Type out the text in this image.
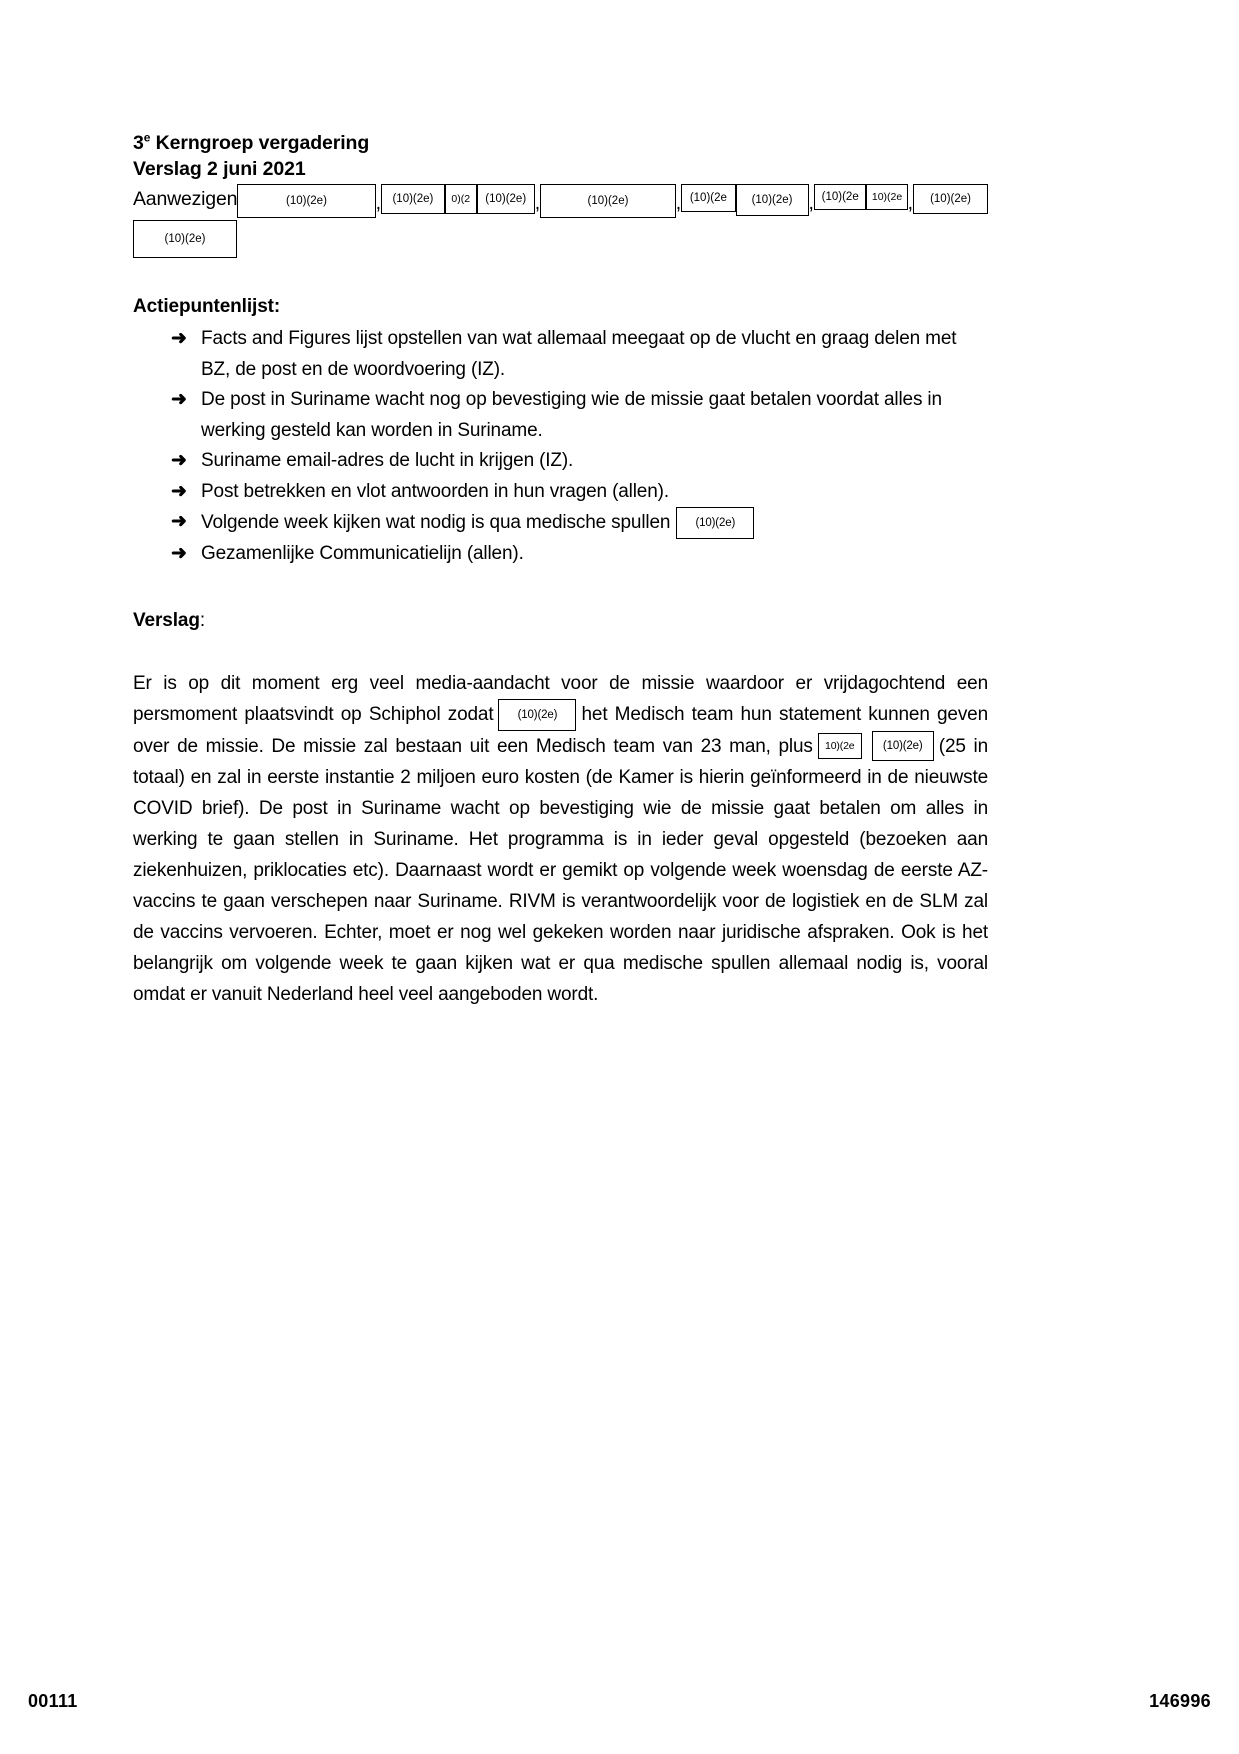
3e Kerngroep vergadering
Verslag 2 juni 2021
Aanwezigen	(10)(2e)	, (10)(2e)	0)(2	(10)(2e) ,	(10)(2e)	, (10)(2e	(10)(2e) , (10)(2e	10)(2e ,	(10)(2e)
(10)(2e)
Actiepuntenlijst:
➜ Facts and Figures lijst opstellen van wat allemaal meegaat op de vlucht en graag delen met BZ, de post en de woordvoering (IZ).
➜ De post in Suriname wacht nog op bevestiging wie de missie gaat betalen voordat alles in werking gesteld kan worden in Suriname.
➜ Suriname email-adres de lucht in krijgen (IZ).
➜ Post betrekken en vlot antwoorden in hun vragen (allen).
➜ Volgende week kijken wat nodig is qua medische spullen (10)(2e)
➜ Gezamenlijke Communicatielijn (allen).
Verslag:
Er is op dit moment erg veel media-aandacht voor de missie waardoor er vrijdagochtend een persmoment plaatsvindt op Schiphol zodat (10)(2e) het Medisch team hun statement kunnen geven over de missie. De missie zal bestaan uit een Medisch team van 23 man, plus 10)(2e (10)(2e) (25 in totaal) en zal in eerste instantie 2 miljoen euro kosten (de Kamer is hierin geïnformeerd in de nieuwste COVID brief). De post in Suriname wacht op bevestiging wie de missie gaat betalen om alles in werking te gaan stellen in Suriname. Het programma is in ieder geval opgesteld (bezoeken aan ziekenhuizen, priklocaties etc). Daarnaast wordt er gemikt op volgende week woensdag de eerste AZ-vaccins te gaan verschepen naar Suriname. RIVM is verantwoordelijk voor de logistiek en de SLM zal de vaccins vervoeren. Echter, moet er nog wel gekeken worden naar juridische afspraken. Ook is het belangrijk om volgende week te gaan kijken wat er qua medische spullen allemaal nodig is, vooral omdat er vanuit Nederland heel veel aangeboden wordt.
00111	146996
